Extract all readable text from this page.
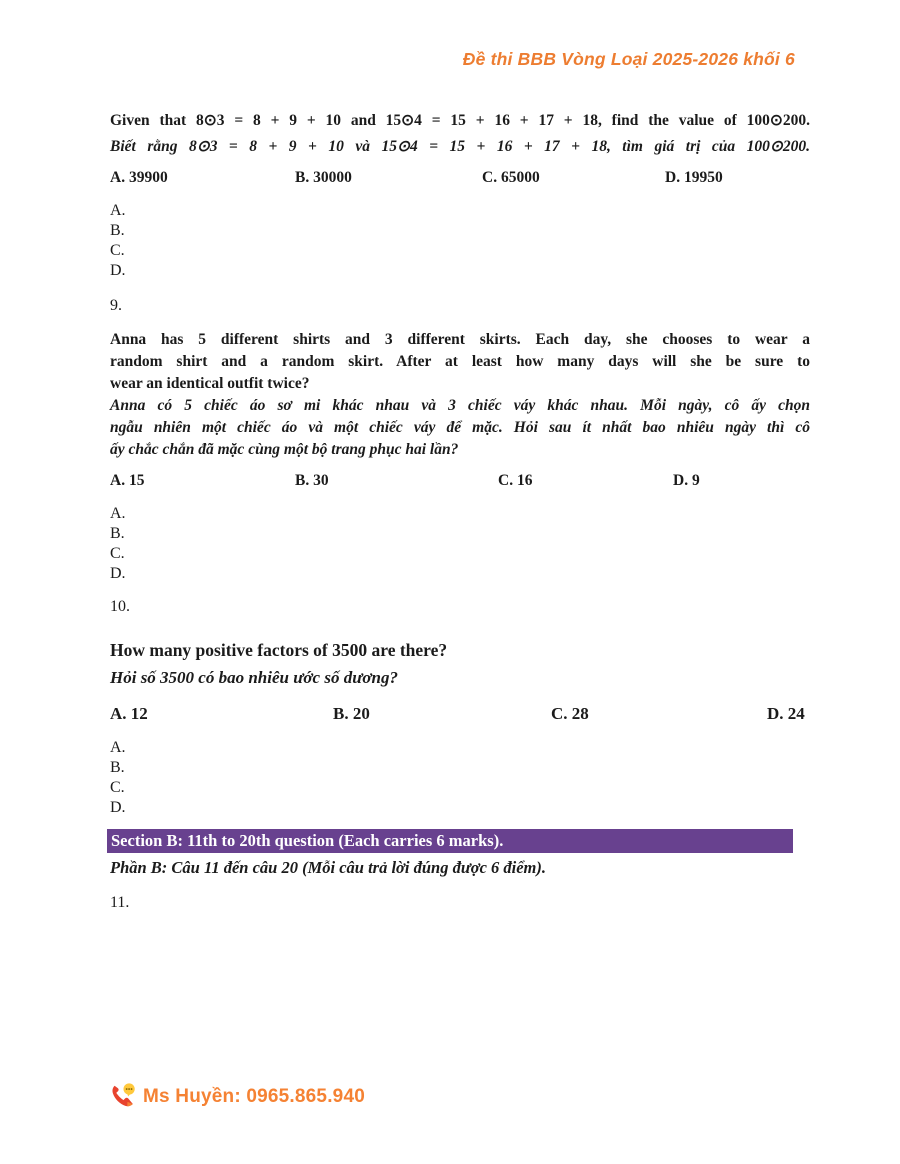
Đề thi BBB Vòng Loại 2025-2026 khối 6
Given that 8⊙3 = 8 + 9 + 10 and 15⊙4 = 15 + 16 + 17 + 18, find the value of 100⊙200.
Biết rằng 8⊙3 = 8 + 9 + 10 và 15⊙4 = 15 + 16 + 17 + 18, tìm giá trị của 100⊙200.
A. 39900	B. 30000	C. 65000	D. 19950
A.
B.
C.
D.
9.
Anna has 5 different shirts and 3 different skirts. Each day, she chooses to wear a
random shirt and a random skirt. After at least how many days will she be sure to
wear an identical outfit twice?
Anna có 5 chiếc áo sơ mi khác nhau và 3 chiếc váy khác nhau. Mỗi ngày, cô ấy chọn
ngẫu nhiên một chiếc áo và một chiếc váy để mặc. Hỏi sau ít nhất bao nhiêu ngày thì cô
ấy chắc chắn đã mặc cùng một bộ trang phục hai lần?
A. 15	B. 30	C. 16	D. 9
A.
B.
C.
D.
10.
How many positive factors of 3500 are there?
Hỏi số 3500 có bao nhiêu ước số dương?
A. 12	B. 20	C. 28	D. 24
A.
B.
C.
D.
Section B: 11th to 20th question (Each carries 6 marks).
Phần B: Câu 11 đến câu 20 (Mỗi câu trả lời đúng được 6 điểm).
11.
Ms Huyền: 0965.865.940
